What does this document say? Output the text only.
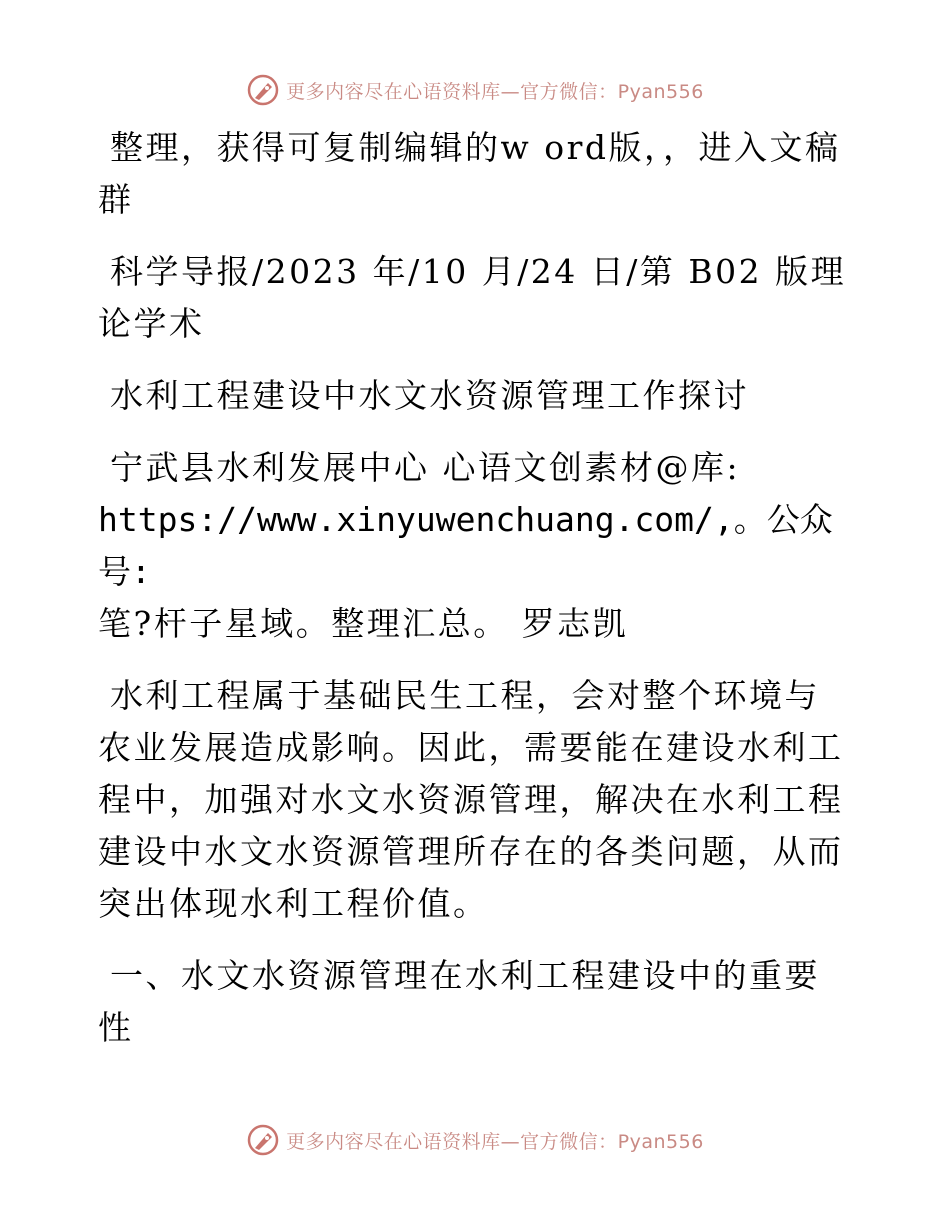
更多内容尽在心语资料库—官方微信：Pyan556

整理，获得可复制编辑的w ord版，，进入文稿群

科学导报/2023 年/10 月/24 日/第 B02 版理论学术

水利工程建设中水文水资源管理工作探讨

宁武县水利发展中心 心语文创素材@库:
https://www.xinyuwenchuang.com/,。公众号:
笔?杆子星域。整理汇总。 罗志凯

水利工程属于基础民生工程，会对整个环境与农业发展造成影响。因此，需要能在建设水利工程中，加强对水文水资源管理，解决在水利工程建设中水文水资源管理所存在的各类问题，从而突出体现水利工程价值。

一、水文水资源管理在水利工程建设中的重要性

更多内容尽在心语资料库—官方微信：Pyan556
